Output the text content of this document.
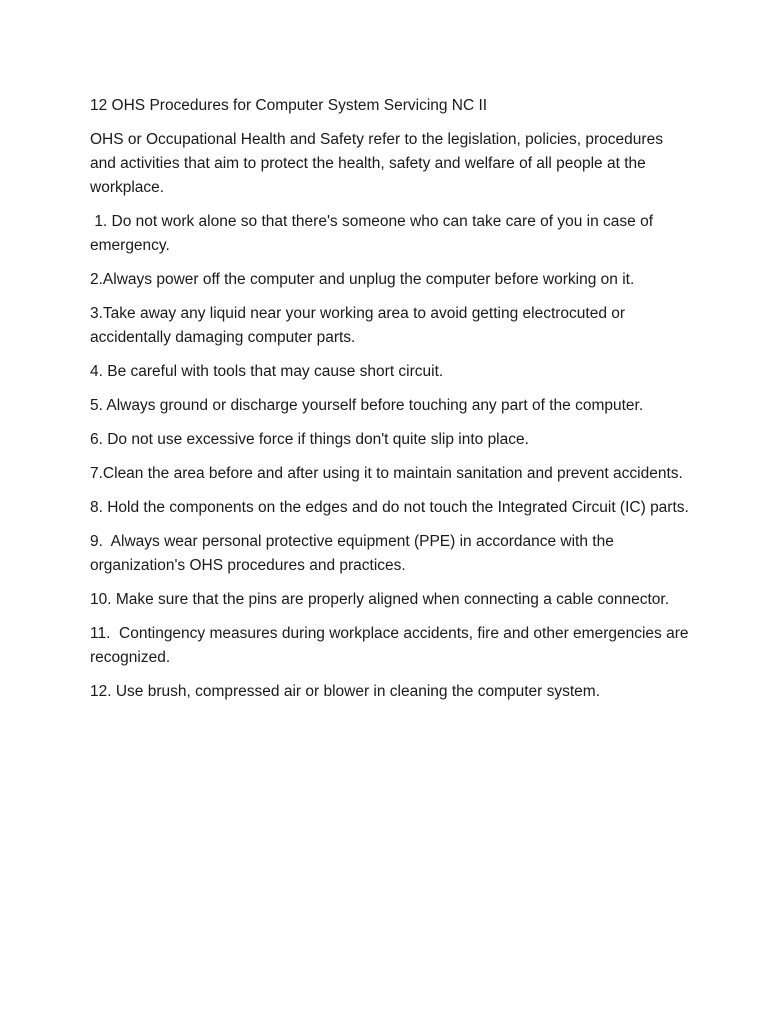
12 OHS Procedures for Computer System Servicing NC II

OHS or Occupational Health and Safety refer to the legislation, policies, procedures and activities that aim to protect the health, safety and welfare of all people at the workplace.

1. Do not work alone so that there's someone who can take care of you in case of emergency.

2.Always power off the computer and unplug the computer before working on it.

3.Take away any liquid near your working area to avoid getting electrocuted or accidentally damaging computer parts.

4. Be careful with tools that may cause short circuit.

5. Always ground or discharge yourself before touching any part of the computer.

6. Do not use excessive force if things don't quite slip into place.

7.Clean the area before and after using it to maintain sanitation and prevent accidents.

8. Hold the components on the edges and do not touch the Integrated Circuit (IC) parts.

9.  Always wear personal protective equipment (PPE) in accordance with the organization's OHS procedures and practices.

10. Make sure that the pins are properly aligned when connecting a cable connector.

11.  Contingency measures during workplace accidents, fire and other emergencies are recognized.

12. Use brush, compressed air or blower in cleaning the computer system.
